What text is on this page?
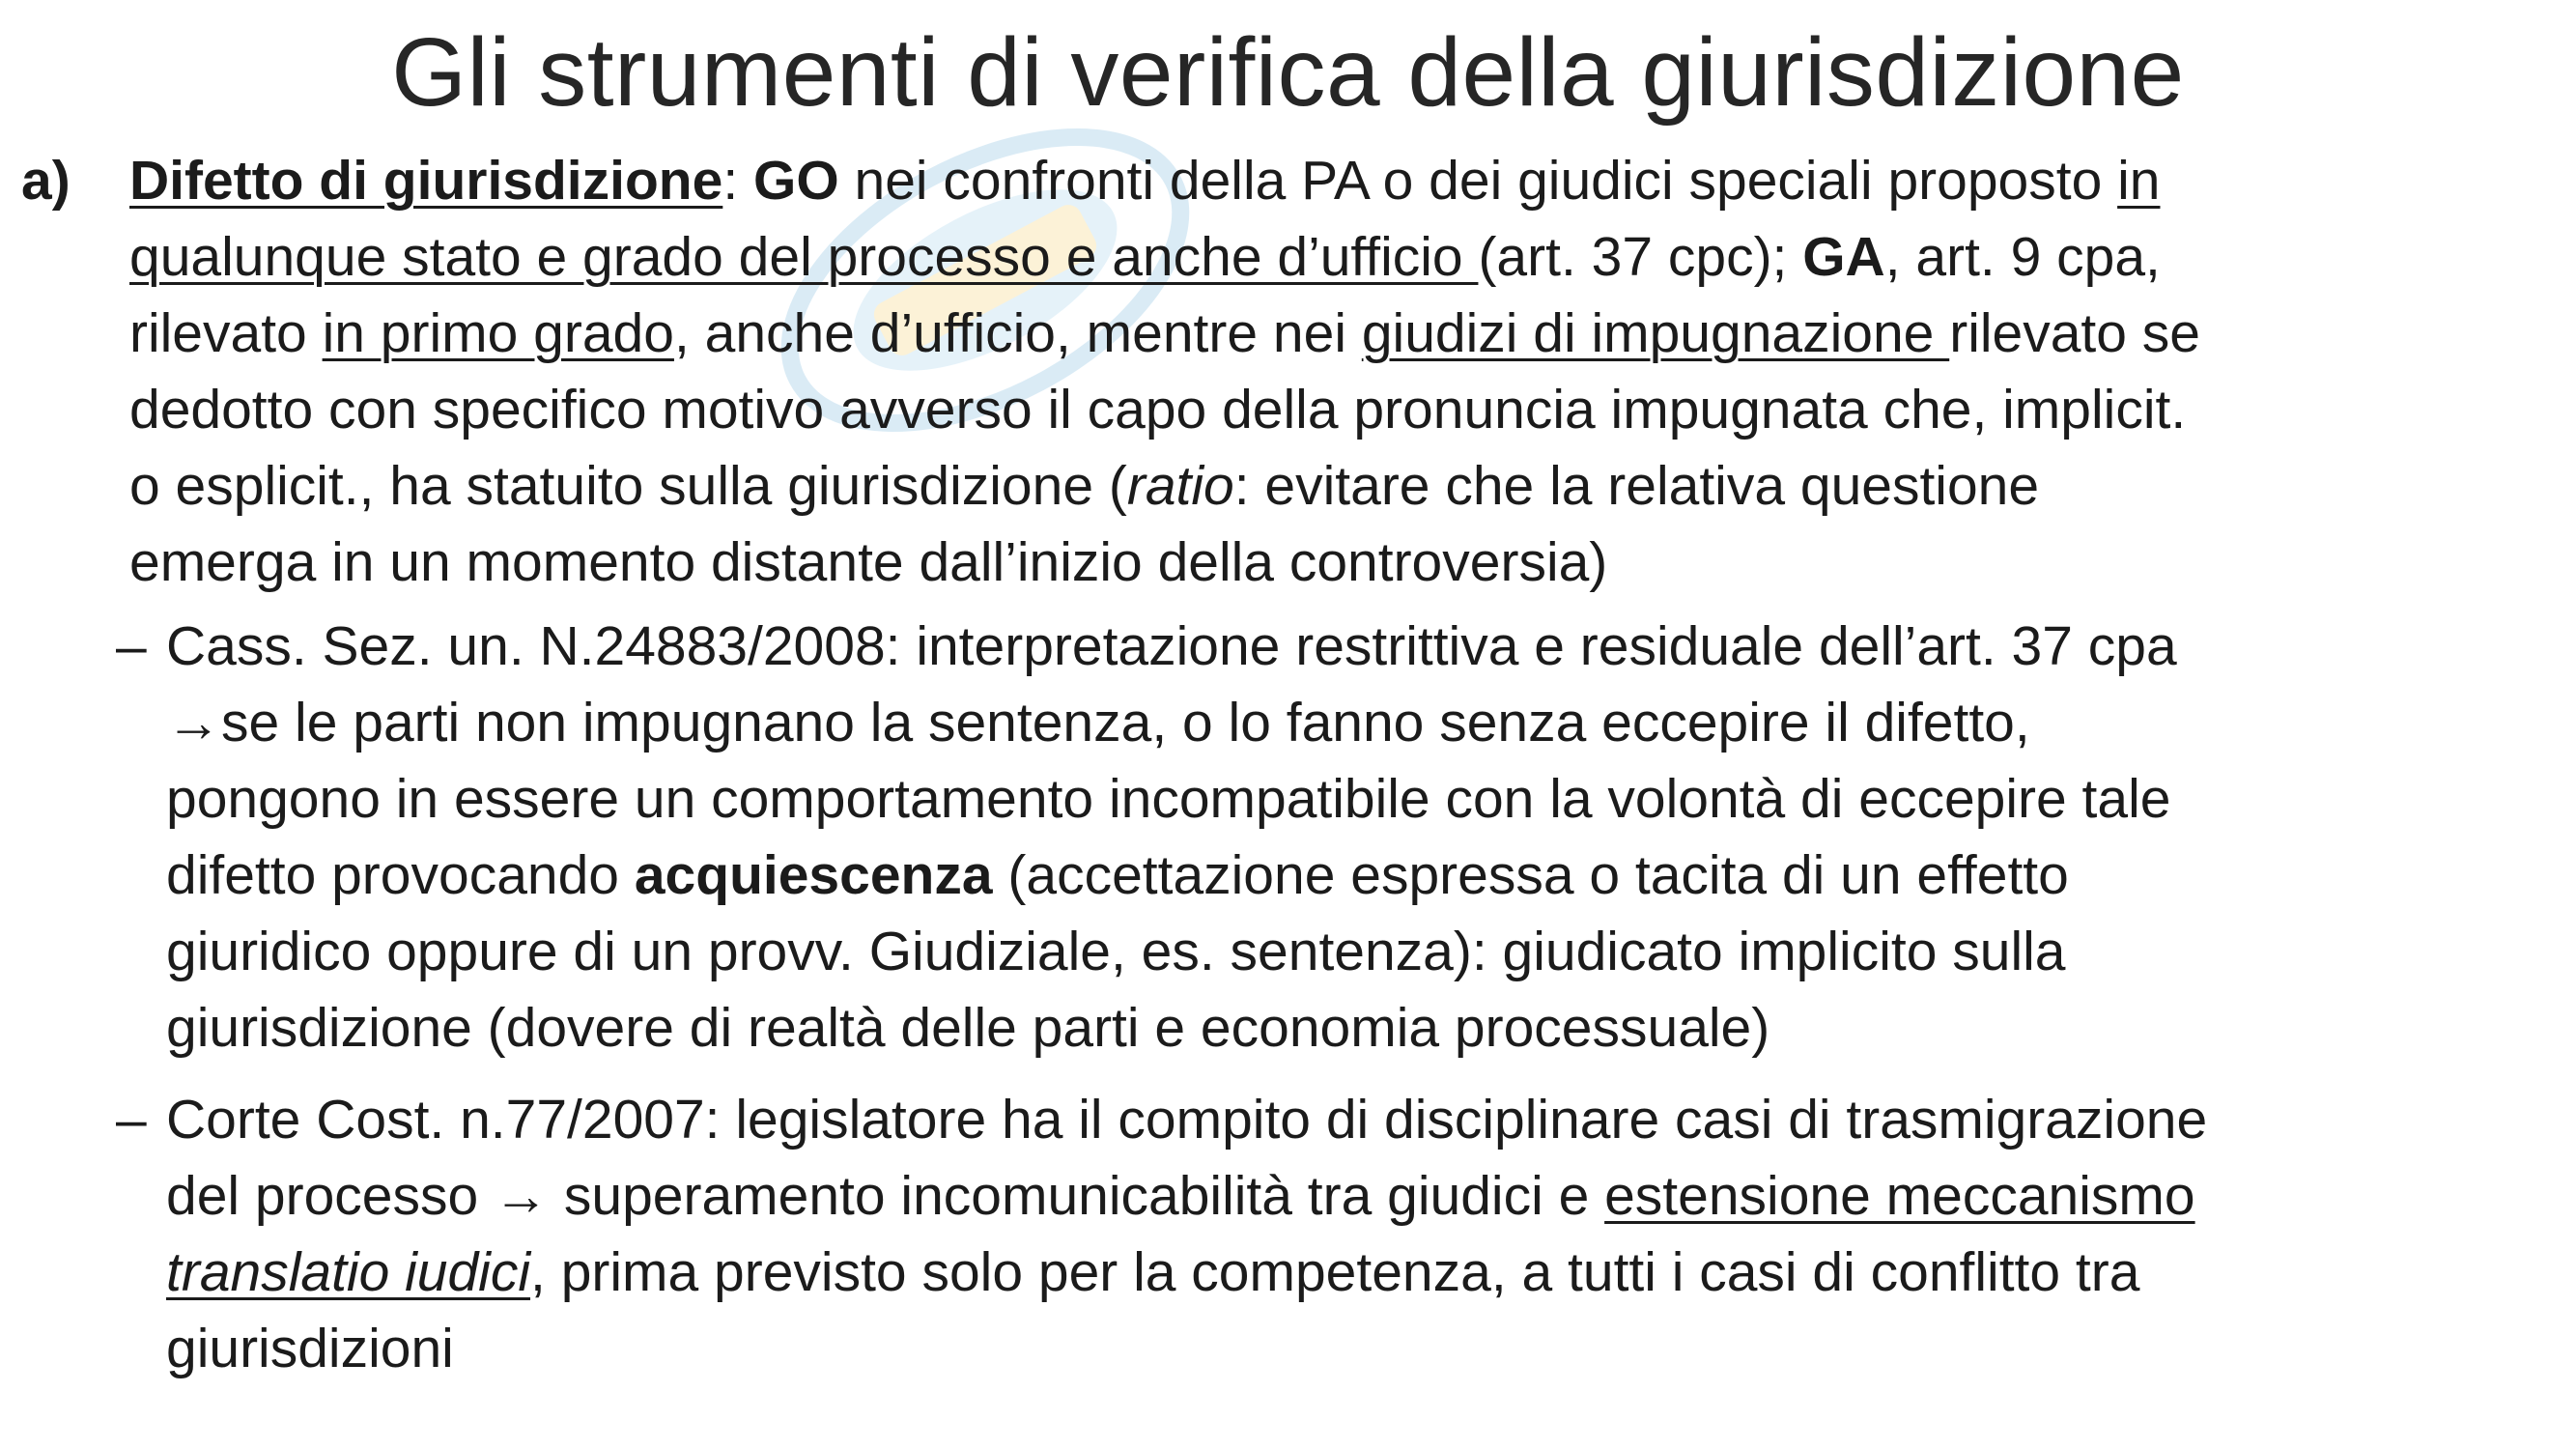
Gli strumenti di verifica della giurisdizione
a) Difetto di giurisdizione: GO nei confronti della PA o dei giudici speciali proposto in
qualunque stato e grado del processo e anche d’ufficio (art. 37 cpc); GA, art. 9 cpa,
rilevato in primo grado, anche d’ufficio, mentre nei giudizi di impugnazione rilevato se
dedotto con specifico motivo avverso il capo della pronuncia impugnata che, implicit.
o esplicit., ha statuito sulla giurisdizione (ratio: evitare che la relativa questione
emerga in un momento distante dall’inizio della controversia)
– Cass. Sez. un. N.24883/2008: interpretazione restrittiva e residuale dell’art. 37 cpa
→se le parti non impugnano la sentenza, o lo fanno senza eccepire il difetto,
pongono in essere un comportamento incompatibile con la volontà di eccepire tale
difetto provocando acquiescenza (accettazione espressa o tacita di un effetto
giuridico oppure di un provv. Giudiziale, es. sentenza): giudicato implicito sulla
giurisdizione (dovere di realtà delle parti e economia processuale)
– Corte Cost. n.77/2007: legislatore ha il compito di disciplinare casi di trasmigrazione
del processo → superamento incomunicabilità tra giudici e estensione meccanismo
translatio iudici, prima previsto solo per la competenza, a tutti i casi di conflitto tra
giurisdizioni
